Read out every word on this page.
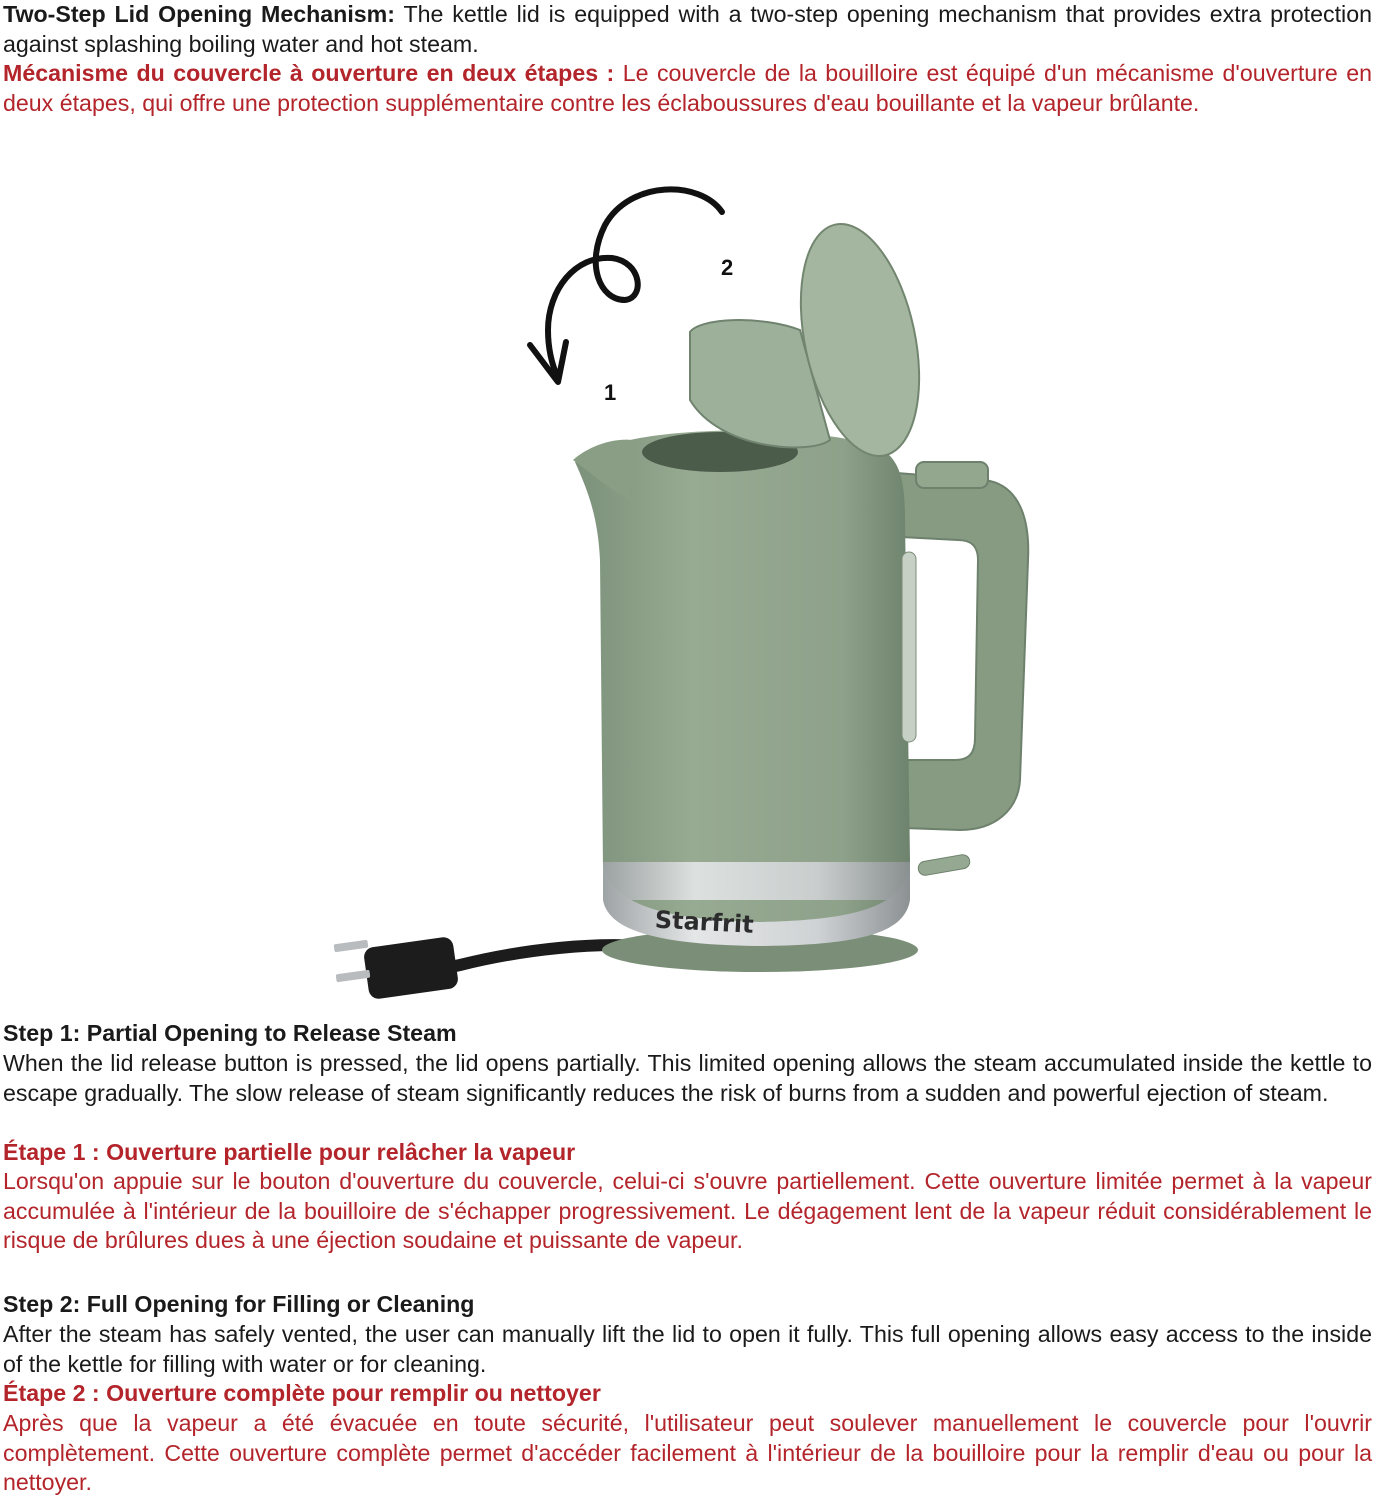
Two-Step Lid Opening Mechanism: The kettle lid is equipped with a two-step opening mechanism that provides extra protection against splashing boiling water and hot steam.

Mécanisme du couvercle à ouverture en deux étapes : Le couvercle de la bouilloire est équipé d'un mécanisme d'ouverture en deux étapes, qui offre une protection supplémentaire contre les éclaboussures d'eau bouillante et la vapeur brûlante.

2
1
Starfrit

Step 1: Partial Opening to Release Steam

When the lid release button is pressed, the lid opens partially. This limited opening allows the steam accumulated inside the kettle to escape gradually. The slow release of steam significantly reduces the risk of burns from a sudden and powerful ejection of steam.

Étape 1 : Ouverture partielle pour relâcher la vapeur

Lorsqu'on appuie sur le bouton d'ouverture du couvercle, celui-ci s'ouvre partiellement. Cette ouverture limitée permet à la vapeur accumulée à l'intérieur de la bouilloire de s'échapper progressivement. Le dégagement lent de la vapeur réduit considérablement le risque de brûlures dues à une éjection soudaine et puissante de vapeur.

Step 2: Full Opening for Filling or Cleaning

After the steam has safely vented, the user can manually lift the lid to open it fully. This full opening allows easy access to the inside of the kettle for filling with water or for cleaning.

Étape 2 : Ouverture complète pour remplir ou nettoyer

Après que la vapeur a été évacuée en toute sécurité, l'utilisateur peut soulever manuellement le couvercle pour l'ouvrir complètement. Cette ouverture complète permet d'accéder facilement à l'intérieur de la bouilloire pour la remplir d'eau ou pour la nettoyer.
